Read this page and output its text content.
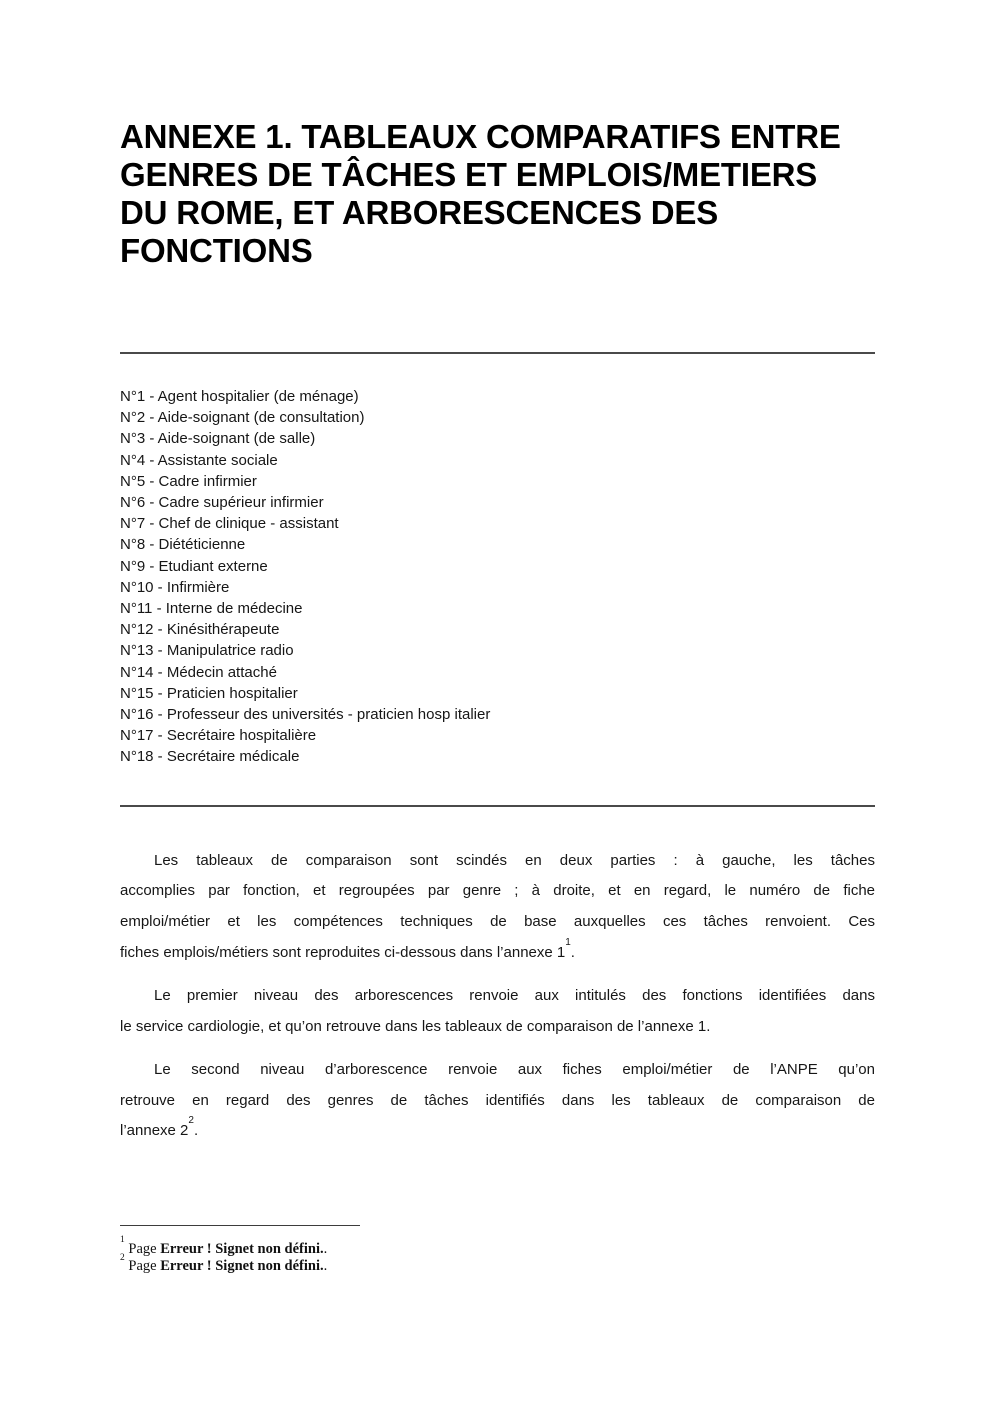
ANNEXE 1. TABLEAUX COMPARATIFS ENTRE
GENRES DE TÂCHES ET EMPLOIS/METIERS
DU ROME, ET ARBORESCENCES DES
FONCTIONS
N°1 - Agent hospitalier (de ménage)
N°2 - Aide-soignant (de consultation)
N°3 - Aide-soignant (de salle)
N°4 - Assistante sociale
N°5 - Cadre infirmier
N°6 - Cadre supérieur infirmier
N°7 - Chef de clinique - assistant
N°8 - Diététicienne
N°9 - Etudiant externe
N°10 - Infirmière
N°11 - Interne de médecine
N°12 - Kinésithérapeute
N°13 - Manipulatrice radio
N°14 - Médecin attaché
N°15 - Praticien hospitalier
N°16 - Professeur des universités - praticien hosp italier
N°17 - Secrétaire hospitalière
N°18 - Secrétaire médicale
Les tableaux de comparaison sont scindés en deux parties : à gauche, les tâches
accomplies par fonction, et regroupées par genre ; à droite, et en regard, le numéro de fiche
emploi/métier et les compétences techniques de base auxquelles ces tâches renvoient. Ces
fiches emplois/métiers sont reproduites ci-dessous dans l’annexe 1$^1$.
Le premier niveau des arborescences renvoie aux intitulés des fonctions identifiées dans
le service cardiologie, et qu’on retrouve dans les tableaux de comparaison de l’annexe 1.
Le second niveau d’arborescence renvoie aux fiches emploi/métier de l’ANPE qu’on
retrouve en regard des genres de tâches identifiés dans les tableaux de comparaison de
l’annexe 2$^2$.
$^1$ Page Erreur ! Signet non défini..
$^2$ Page Erreur ! Signet non défini..
